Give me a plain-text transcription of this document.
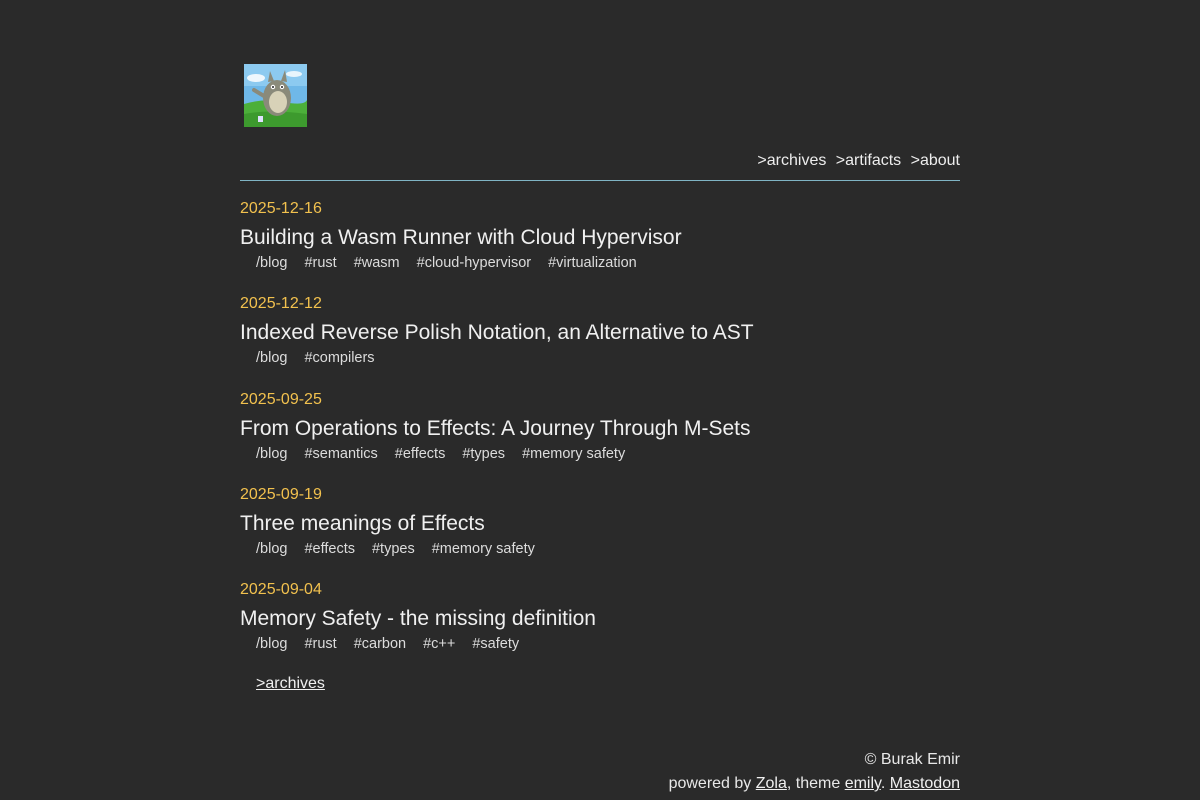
>archives >artifacts >about
2025-12-16
Building a Wasm Runner with Cloud Hypervisor
/blog #rust #wasm #cloud-hypervisor #virtualization
2025-12-12
Indexed Reverse Polish Notation, an Alternative to AST
/blog #compilers
2025-09-25
From Operations to Effects: A Journey Through M-Sets
/blog #semantics #effects #types #memory safety
2025-09-19
Three meanings of Effects
/blog #effects #types #memory safety
2025-09-04
Memory Safety - the missing definition
/blog #rust #carbon #c++ #safety
>archives
© Burak Emir
powered by Zola, theme emily. Mastodon
